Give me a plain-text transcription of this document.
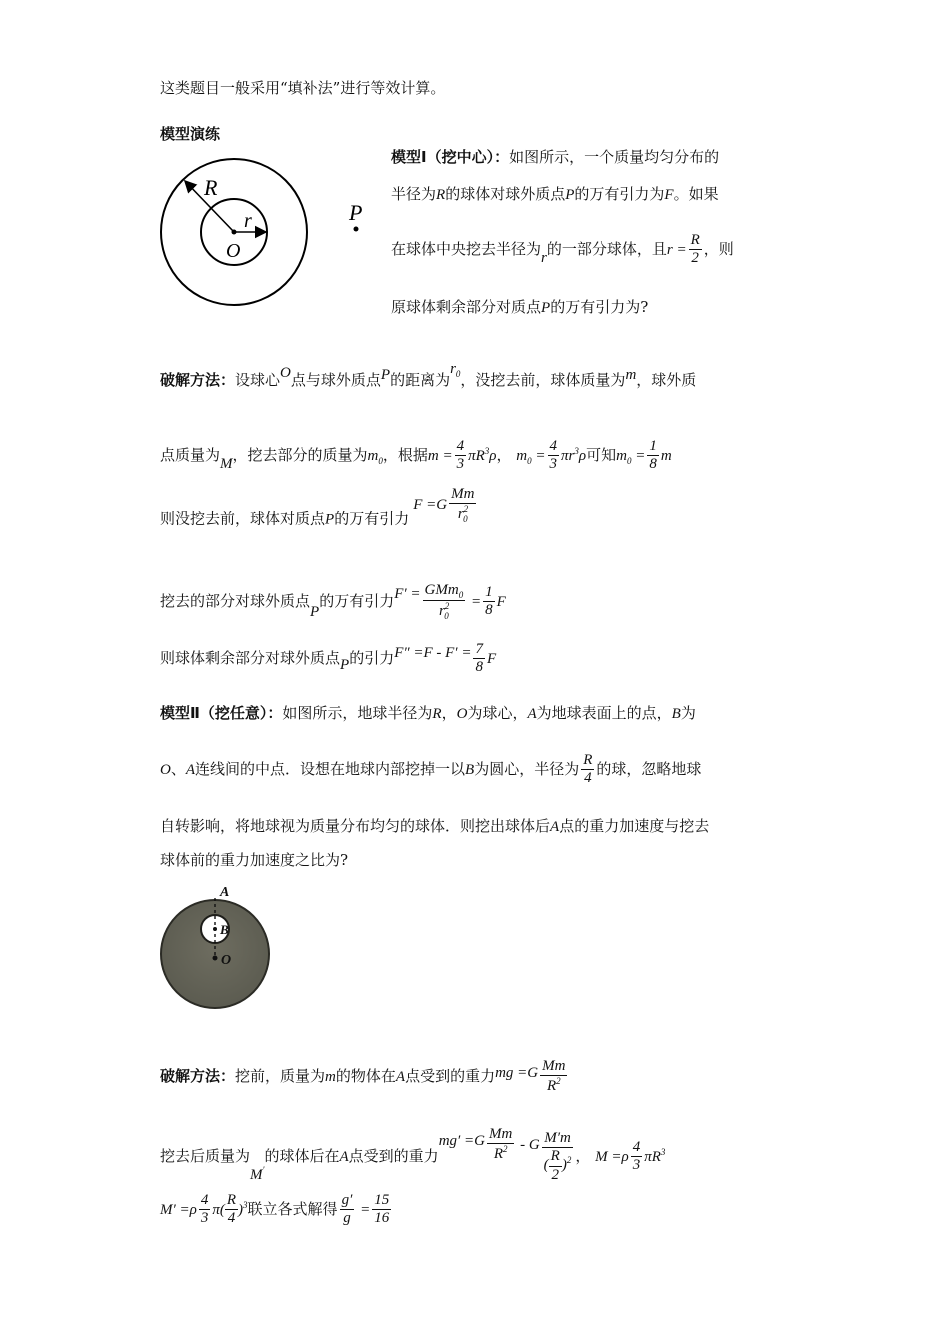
这类题目一般采用“填补法”进行等效计算。
模型演练
R
r
O
P
模型Ⅰ（挖中心）：如图所示，一个质量均匀分布的
半径为R的球体对球外质点P的万有引力为F。如果
在球体中央挖去半径为r的一部分球体，且$r = \frac{R}{2}$ ，则
原球体剩余部分对质点P的万有引力为?
破解方法：设球心O点与球外质点P的距离为$r_0$，没挖去前，球体质量为m，球外质
点质量为M，挖去部分的质量为$m_0$，根据$m = \frac{4}{3} \pi R^3\rho$， $m_0 = \frac{4}{3} \pi r^3\rho$可知$m_0 = \frac{1}{8}$ m
则没挖去前，球体对质点P的万有引力$F =G \frac{Mm}{r^2_0}$
挖去的部分对球外质点P的万有引力$F' = \frac{GMm_0}{r^2_0} = \frac{1}{8}$ F
则球体剩余部分对球外质点P的引力$F'' =F - F' = \frac{7}{8}$ F
模型Ⅱ（挖任意）：如图所示，地球半径为R，O为球心，A为地球表面上的点，B为
O、A连线间的中点．设想在地球内部挖掉一以B为圆心，半径为 $\frac{R}{4}$ 的球，忽略地球
自转影响，将地球视为质量分布均匀的球体．则挖出球体后A点的重力加速度与挖去
球体前的重力加速度之比为?
A
B
O
破解方法：挖前，质量为m的物体在A点受到的重力mg $=G \frac{Mm}{R^2}$
挖去后质量为M′的球体后在A点受到的重力$mg' =G \frac{Mm}{R^2} - G \frac{M'm}{( \frac{R}{2} )^2}$ ， $M =\rho \frac{4}{3} \pi R^3$
$M' =\rho \frac{4}{3} \pi( \frac{R}{4} )^3$联立各式解得 $\frac{g'}{g} = \frac{15}{16}$
